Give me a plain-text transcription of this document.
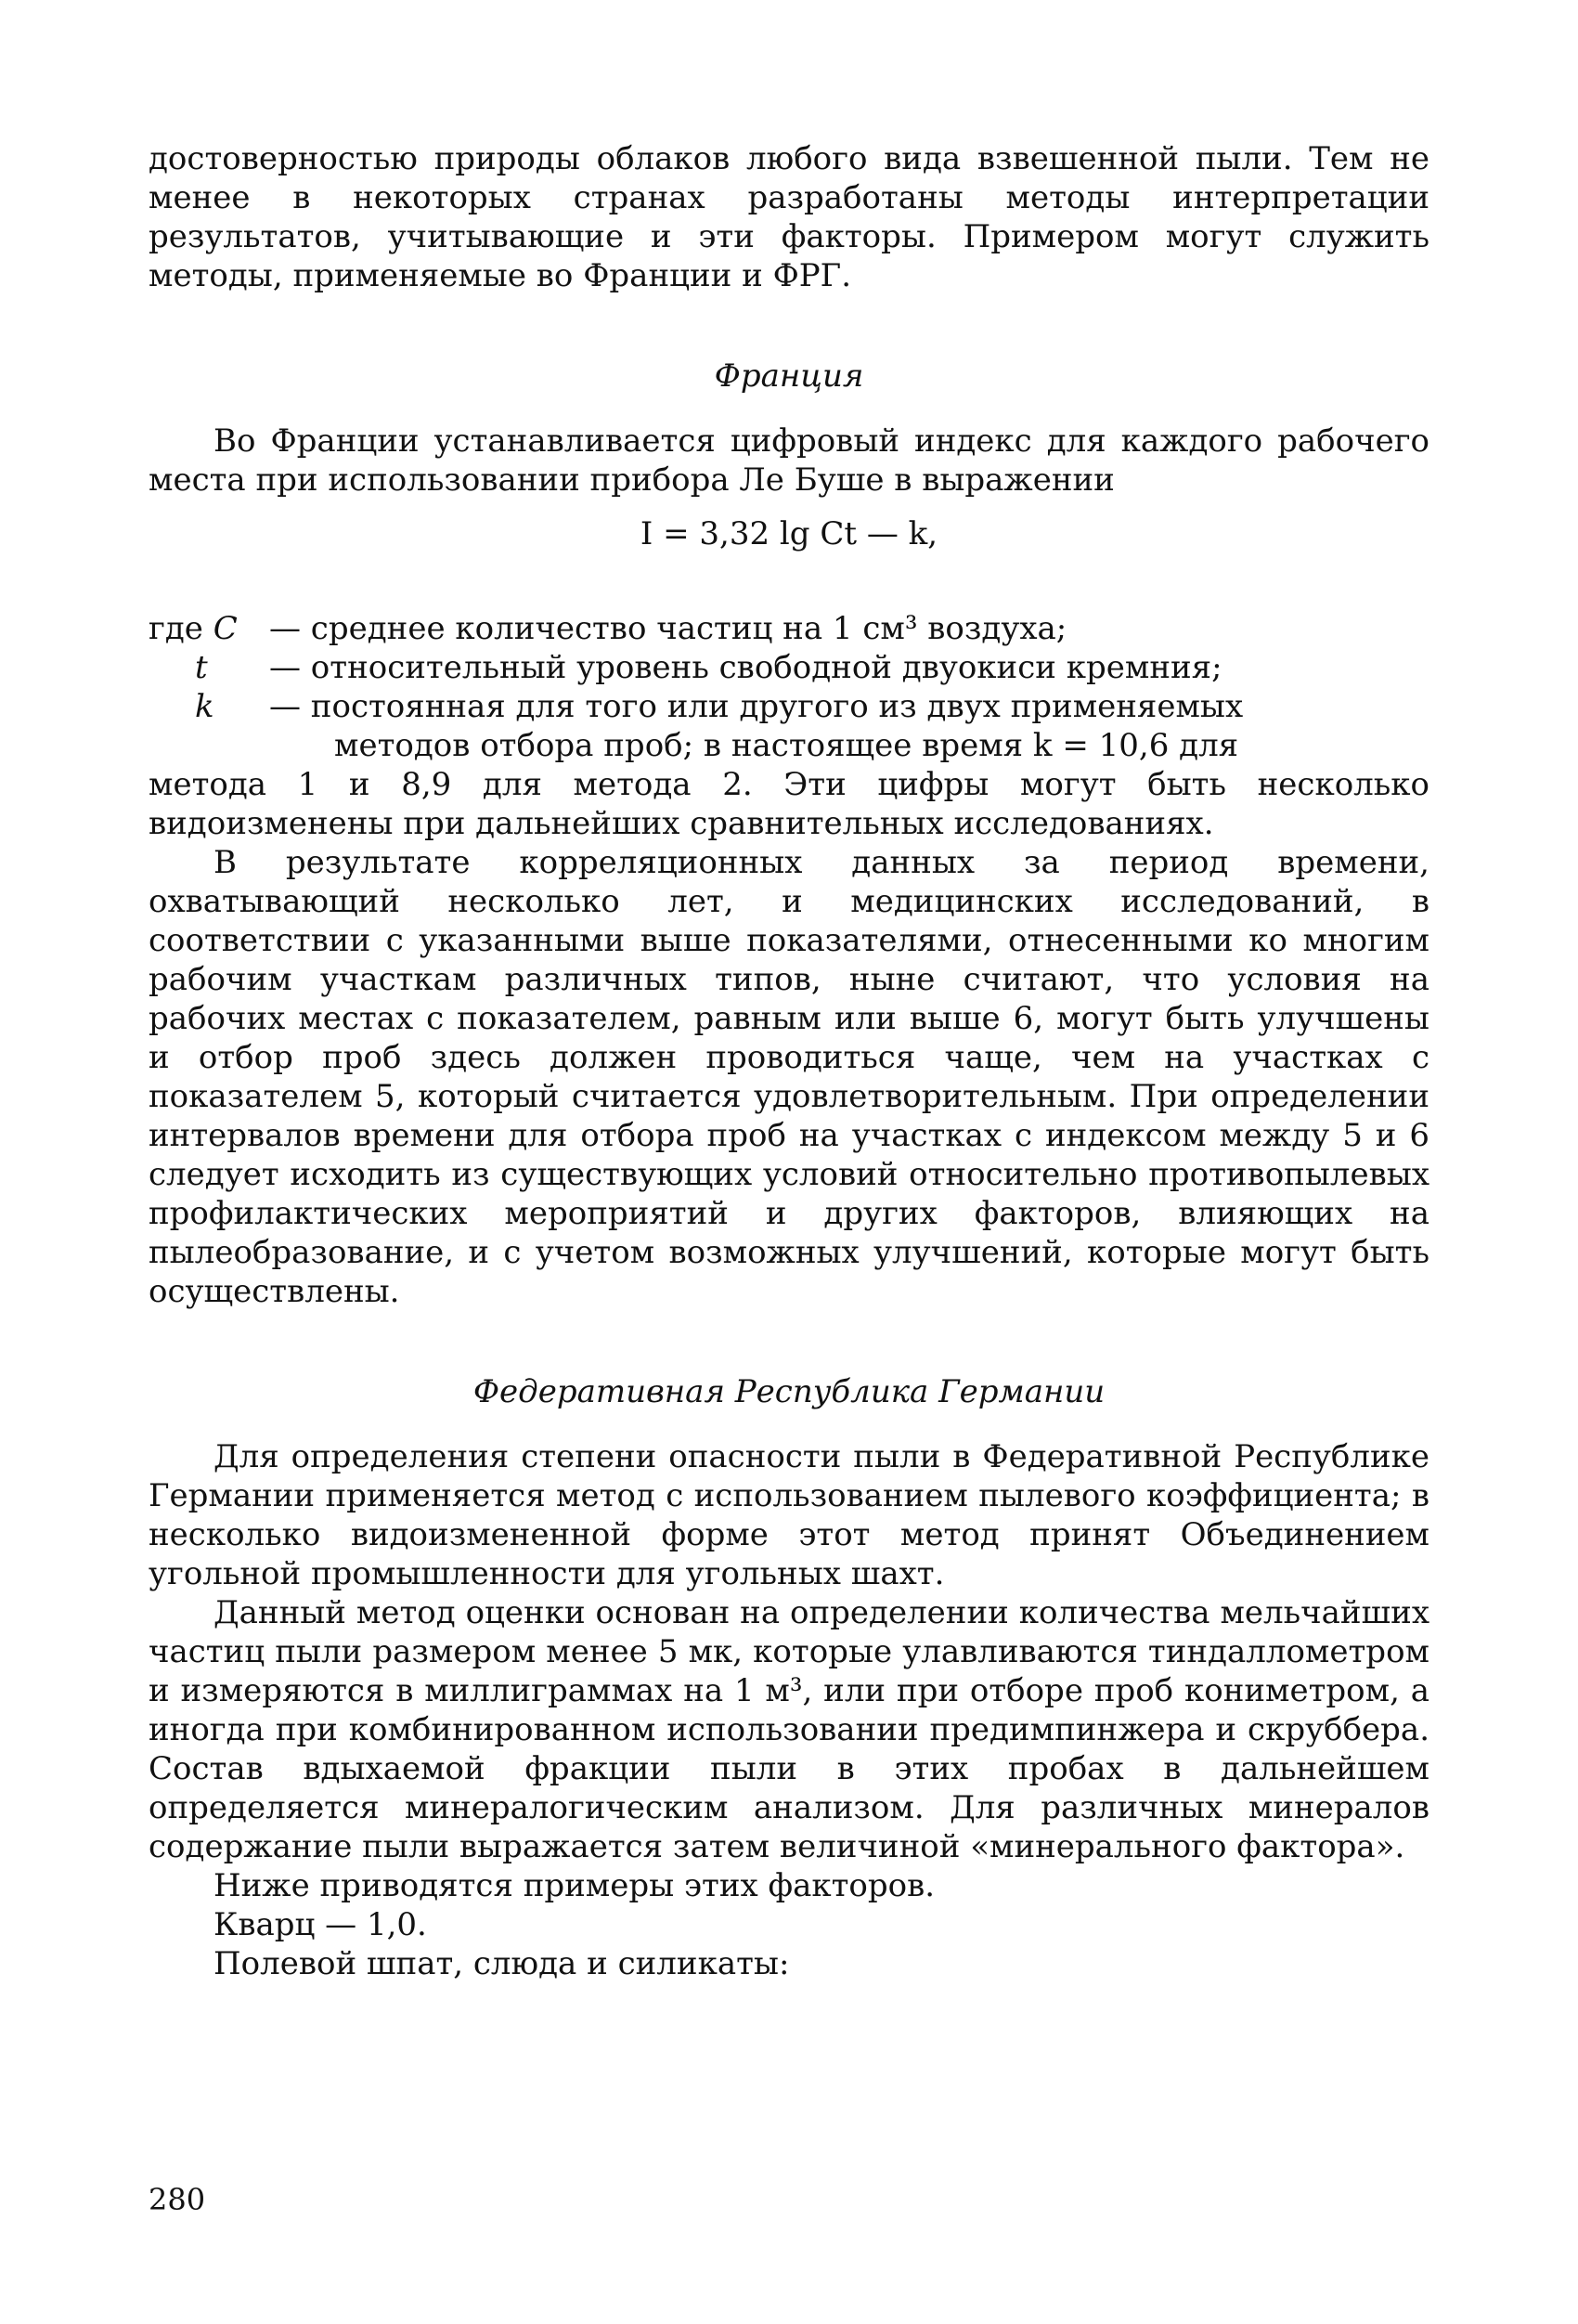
достоверностью природы облаков любого вида взвешенной пыли. Тем не менее в некоторых странах разработаны методы интерпретации результатов, учитывающие и эти факторы. Примером могут служить методы, применяемые во Франции и ФРГ.

Франция

Во Франции устанавливается цифровый индекс для каждого рабочего места при использовании прибора Ле Буше в выражении

I = 3,32 lg Ct — k,

где C	— среднее количество частиц на 1 см³ воздуха;
t	— относительный уровень свободной двуокиси кремния;
k	— постоянная для того или другого из двух применяемых

методов отбора проб; в настоящее время k = 10,6 для

метода 1 и 8,9 для метода 2. Эти цифры могут быть несколько видоизменены при дальнейших сравнительных исследованиях.

В результате корреляционных данных за период времени, охватывающий несколько лет, и медицинских исследований, в соответствии с указанными выше показателями, отнесенными ко многим рабочим участкам различных типов, ныне считают, что условия на рабочих местах с показателем, равным или выше 6, могут быть улучшены и отбор проб здесь должен проводиться чаще, чем на участках с показателем 5, который считается удовлетворительным. При определении интервалов времени для отбора проб на участках с индексом между 5 и 6 следует исходить из существующих условий относительно противопылевых профилактических мероприятий и других факторов, влияющих на пылеобразование, и с учетом возможных улучшений, которые могут быть осуществлены.

Федеративная Республика Германии

Для определения степени опасности пыли в Федеративной Республике Германии применяется метод с использованием пылевого коэффициента; в несколько видоизмененной форме этот метод принят Объединением угольной промышленности для угольных шахт.

Данный метод оценки основан на определении количества мельчайших частиц пыли размером менее 5 мк, которые улавливаются тиндаллометром и измеряются в миллиграммах на 1 м³, или при отборе проб кониметром, а иногда при комбинированном использовании предимпинжера и скруббера. Состав вдыхаемой фракции пыли в этих пробах в дальнейшем определяется минералогическим анализом. Для различных минералов содержание пыли выражается затем величиной «минерального фактора».

Ниже приводятся примеры этих факторов.

Кварц — 1,0.

Полевой шпат, слюда и силикаты:

280
